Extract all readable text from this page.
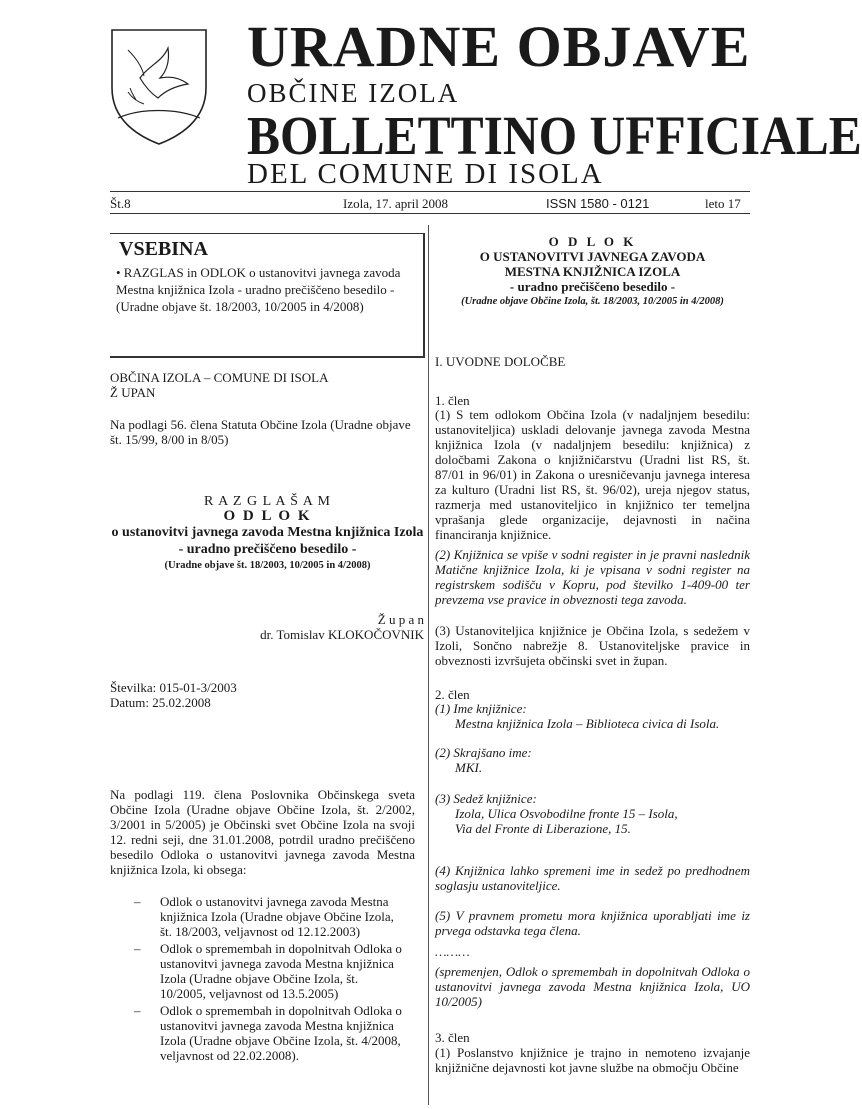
URADNE OBJAVE
OBČINE IZOLA
BOLLETTINO UFFICIALE
DEL COMUNE DI ISOLA
Št.8	Izola, 17. april 2008	ISSN 1580 - 0121	leto 17
VSEBINA
• RAZGLAS in ODLOK o ustanovitvi javnega zavoda Mestna knjižnica Izola - uradno prečiščeno besedilo - (Uradne objave št. 18/2003, 10/2005 in 4/2008)
OBČINA IZOLA – COMUNE DI ISOLA
Ž UPAN
Na podlagi 56. člena Statuta Občine Izola (Uradne objave št. 15/99, 8/00 in 8/05)
R A Z G L A Š A M
O D L O K
o ustanovitvi javnega zavoda Mestna knjižnica Izola - uradno prečiščeno besedilo -
(Uradne objave št. 18/2003, 10/2005 in 4/2008)
Ž u p a n
dr. Tomislav KLOKOČOVNIK
Številka: 015-01-3/2003
Datum: 25.02.2008
Na podlagi 119. člena Poslovnika Občinskega sveta Občine Izola (Uradne objave Občine Izola, št. 2/2002, 3/2001 in 5/2005) je Občinski svet Občine Izola na svoji 12. redni seji, dne 31.01.2008, potrdil uradno prečiščeno besedilo Odloka o ustanovitvi javnega zavoda Mestna knjižnica Izola, ki obsega:
– Odlok o ustanovitvi javnega zavoda Mestna knjižnica Izola (Uradne objave Občine Izola, št. 18/2003, veljavnost od 12.12.2003)
– Odlok o spremembah in dopolnitvah Odloka o ustanovitvi javnega zavoda Mestna knjižnica Izola (Uradne objave Občine Izola, št. 10/2005, veljavnost od 13.5.2005)
– Odlok o spremembah in dopolnitvah Odloka o ustanovitvi javnega zavoda Mestna knjižnica Izola (Uradne objave Občine Izola, št. 4/2008, veljavnost od 22.02.2008).
O D L O K
O USTANOVITVI JAVNEGA ZAVODA
MESTNA KNJIŽNICA IZOLA
- uradno prečiščeno besedilo -
(Uradne objave Občine Izola, št. 18/2003, 10/2005 in 4/2008)
I. UVODNE DOLOČBE
1. člen
(1) S tem odlokom Občina Izola (v nadaljnjem besedilu: ustanoviteljica) uskladi delovanje javnega zavoda Mestna knjižnica Izola (v nadaljnjem besedilu: knjižnica) z določbami Zakona o knjižničarstvu (Uradni list RS, št. 87/01 in 96/01) in Zakona o uresničevanju javnega interesa za kulturo (Uradni list RS, št. 96/02), ureja njegov status, razmerja med ustanoviteljico in knjižnico ter temeljna vprašanja glede organizacije, dejavnosti in načina financiranja knjižnice.
(2) Knjižnica se vpiše v sodni register in je pravni naslednik Matične knjižnice Izola, ki je vpisana v sodni register na registrskem sodišču v Kopru, pod številko 1-409-00 ter prevzema vse pravice in obveznosti tega zavoda.
(3) Ustanoviteljica knjižnice je Občina Izola, s sedežem v Izoli, Sončno nabrežje 8. Ustanoviteljske pravice in obveznosti izvršujeta občinski svet in župan.
2. člen
(1) Ime knjižnice:
Mestna knjižnica Izola – Biblioteca civica di Isola.
(2) Skrajšano ime:
MKI.
(3) Sedež knjižnice:
Izola, Ulica Osvobodilne fronte 15 – Isola,
Via del Fronte di Liberazione, 15.
(4) Knjižnica lahko spremeni ime in sedež po predhodnem soglasju ustanoviteljice.
(5) V pravnem prometu mora knjižnica uporabljati ime iz prvega odstavka tega člena.
………
(spremenjen, Odlok o spremembah in dopolnitvah Odloka o ustanovitvi javnega zavoda Mestna knjižnica Izola, UO 10/2005)
3. člen
(1) Poslanstvo knjižnice je trajno in nemoteno izvajanje knjižnične dejavnosti kot javne službe na območju Občine
